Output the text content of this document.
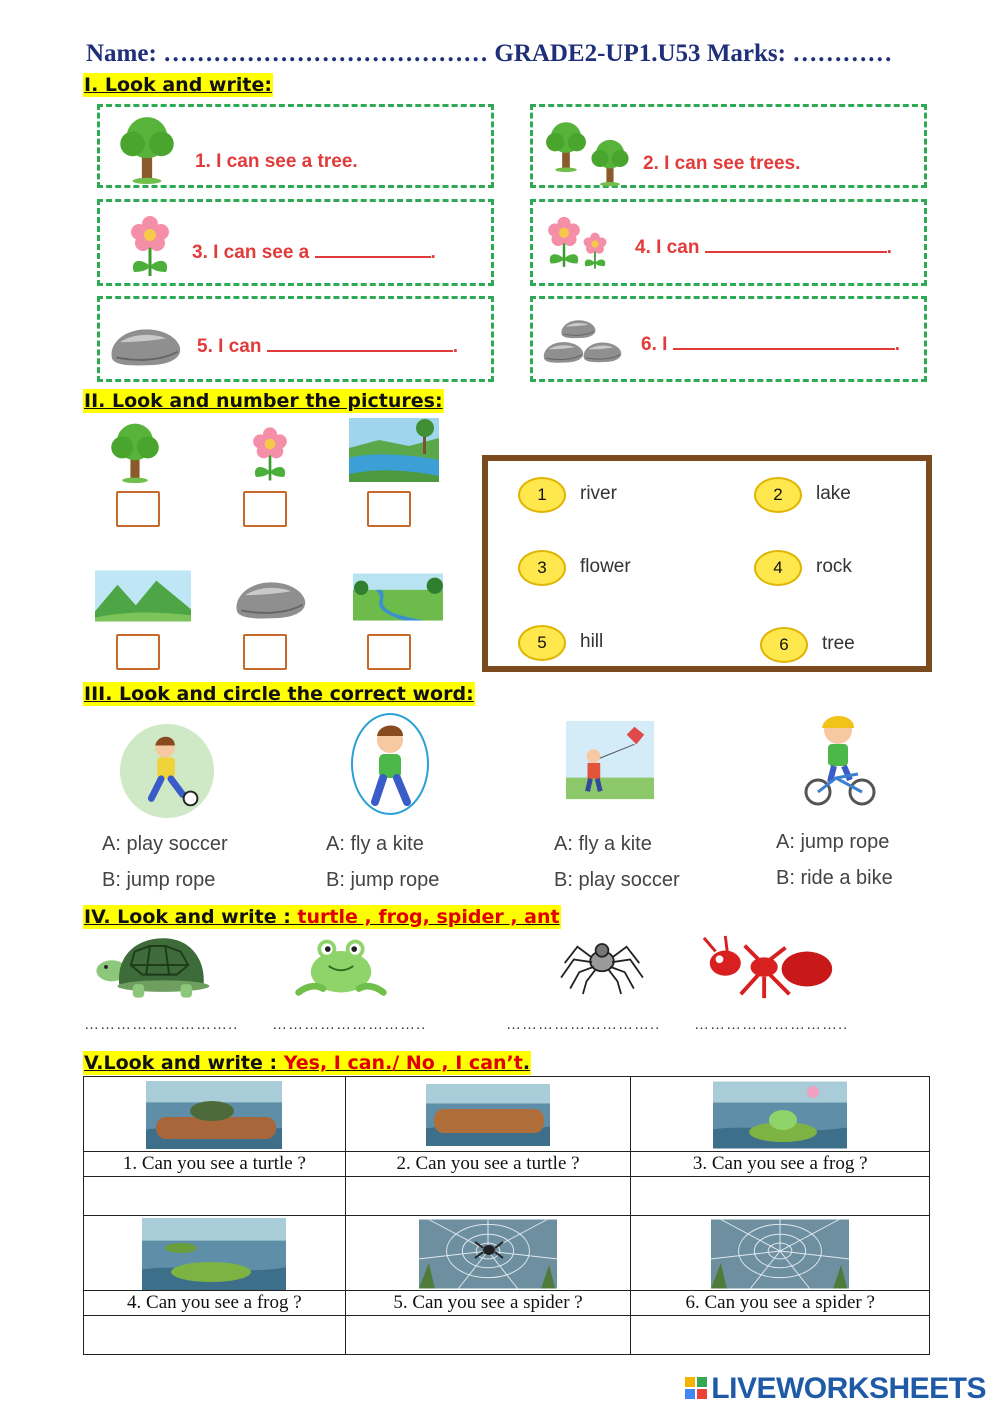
Name: ………………………………… GRADE2-UP1.U53 Marks: …………
I. Look and write:
1. I can see a tree.	2. I can see trees.
3. I can see a	.	4. I can	.
5. I can	.	6. I	.
II. Look and number the pictures:
1	river	2	lake
3	flower	4	rock
5	hill	6	tree
III. Look and circle the correct word:
A: play soccer
B: jump rope
A: fly a kite
B: jump rope
A: fly a kite
B: play soccer
A: jump rope
B: ride a bike
IV. Look and write : turtle , frog, spider , ant
……………………….. ………………………..	……………………….. ………………………..
V.Look and write : Yes, I can./ No , I can’t.

1. Can you see a turtle ?	2. Can you see a turtle ?	3. Can you see a frog ?

4. Can you see a frog ?	5. Can you see a spider ?	6. Can you see a spider ?

LIVEWORKSHEETS
